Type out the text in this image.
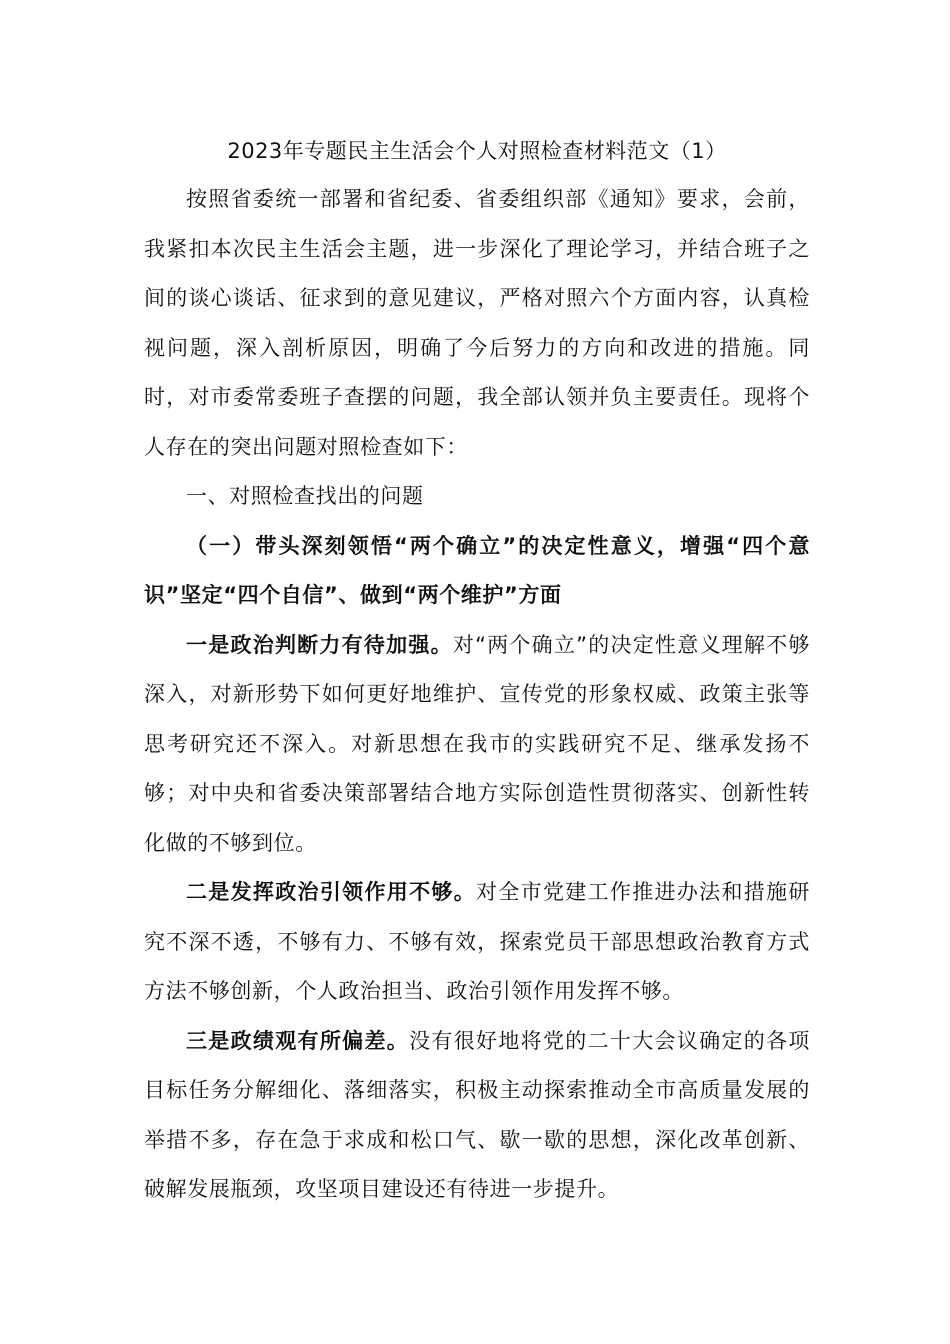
2023年专题民主生活会个人对照检查材料范文（1）

按照省委统一部署和省纪委、省委组织部《通知》要求，会前，我紧扣本次民主生活会主题，进一步深化了理论学习，并结合班子之间的谈心谈话、征求到的意见建议，严格对照六个方面内容，认真检视问题，深入剖析原因，明确了今后努力的方向和改进的措施。同时，对市委常委班子查摆的问题，我全部认领并负主要责任。现将个人存在的突出问题对照检查如下：

一、对照检查找出的问题

（一）带头深刻领悟“两个确立”的决定性意义，增强“四个意识”坚定“四个自信”、做到“两个维护”方面

一是政治判断力有待加强。对“两个确立”的决定性意义理解不够深入，对新形势下如何更好地维护、宣传党的形象权威、政策主张等思考研究还不深入。对新思想在我市的实践研究不足、继承发扬不够；对中央和省委决策部署结合地方实际创造性贯彻落实、创新性转化做的不够到位。

二是发挥政治引领作用不够。对全市党建工作推进办法和措施研究不深不透，不够有力、不够有效，探索党员干部思想政治教育方式方法不够创新，个人政治担当、政治引领作用发挥不够。

三是政绩观有所偏差。没有很好地将党的二十大会议确定的各项目标任务分解细化、落细落实，积极主动探索推动全市高质量发展的举措不多，存在急于求成和松口气、歇一歇的思想，深化改革创新、破解发展瓶颈，攻坚项目建设还有待进一步提升。
